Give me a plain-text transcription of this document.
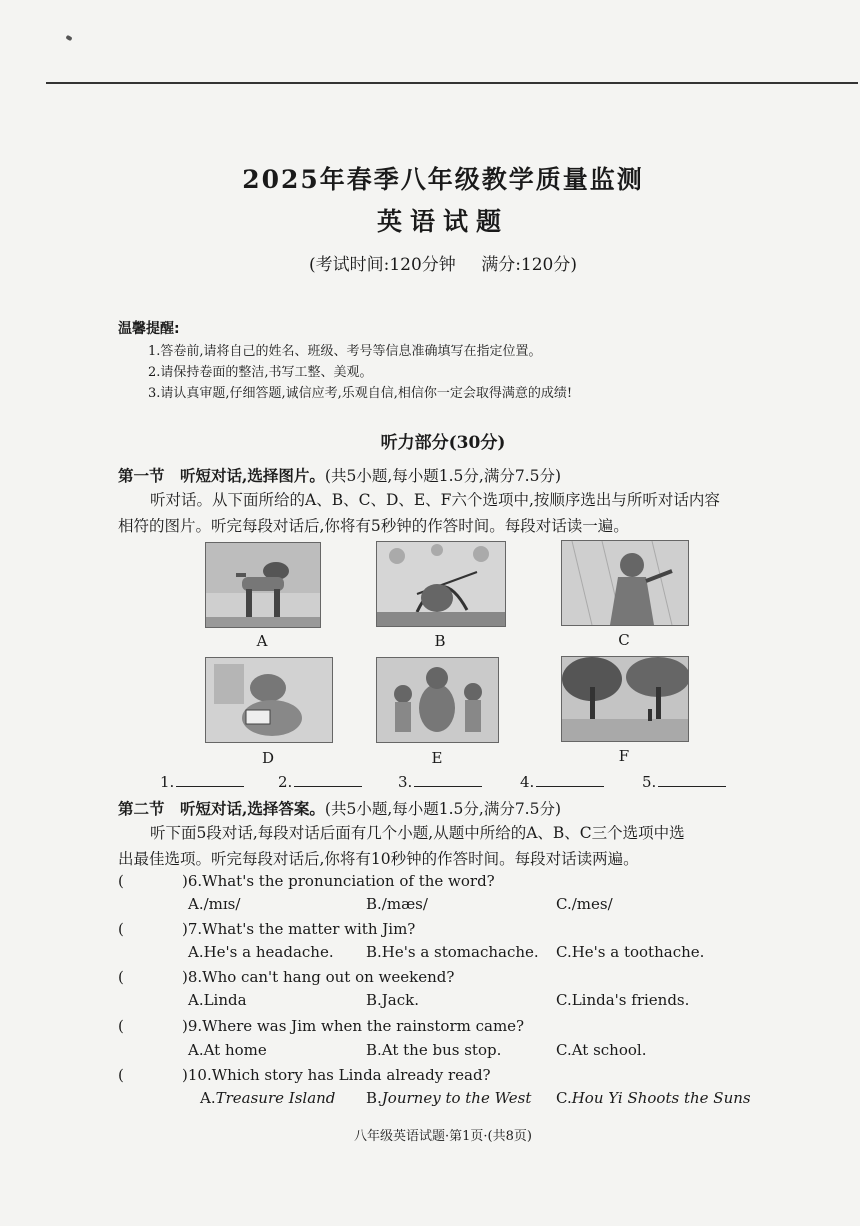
2025年春季八年级教学质量监测
英语试题
(考试时间:120分钟 满分:120分)
温馨提醒:
1.答卷前,请将自己的姓名、班级、考号等信息准确填写在指定位置。
2.请保持卷面的整洁,书写工整、美观。
3.请认真审题,仔细答题,诚信应考,乐观自信,相信你一定会取得满意的成绩!
听力部分(30分)
第一节　听短对话,选择图片。(共5小题,每小题1.5分,满分7.5分)
听对话。从下面所给的A、B、C、D、E、F六个选项中,按顺序选出与所听对话内容
相符的图片。听完每段对话后,你将有5秒钟的作答时间。每段对话读一遍。
A	B	C
D	E	F
1.	2.	3.	4.	5.
第二节　听短对话,选择答案。(共5小题,每小题1.5分,满分7.5分)
听下面5段对话,每段对话后面有几个小题,从题中所给的A、B、C三个选项中选
出最佳选项。听完每段对话后,你将有10秒钟的作答时间。每段对话读两遍。
(	)6.What's the pronunciation of the word?
A./mɪs/	B./mæs/	C./mes/
(	)7.What's the matter with Jim?
A.He's a headache. B.He's a stomachache. C.He's a toothache.
(	)8.Who can't hang out on weekend?
A.Linda	B.Jack.	C.Linda's friends.
(	)9.Where was Jim when the rainstorm came?
A.At home	B.At the bus stop.	C.At school.
(	)10.Which story has Linda already read?
A.Treasure Island B.Journey to the West C.Hou Yi Shoots the Suns
八年级英语试题·第1页·(共8页)
